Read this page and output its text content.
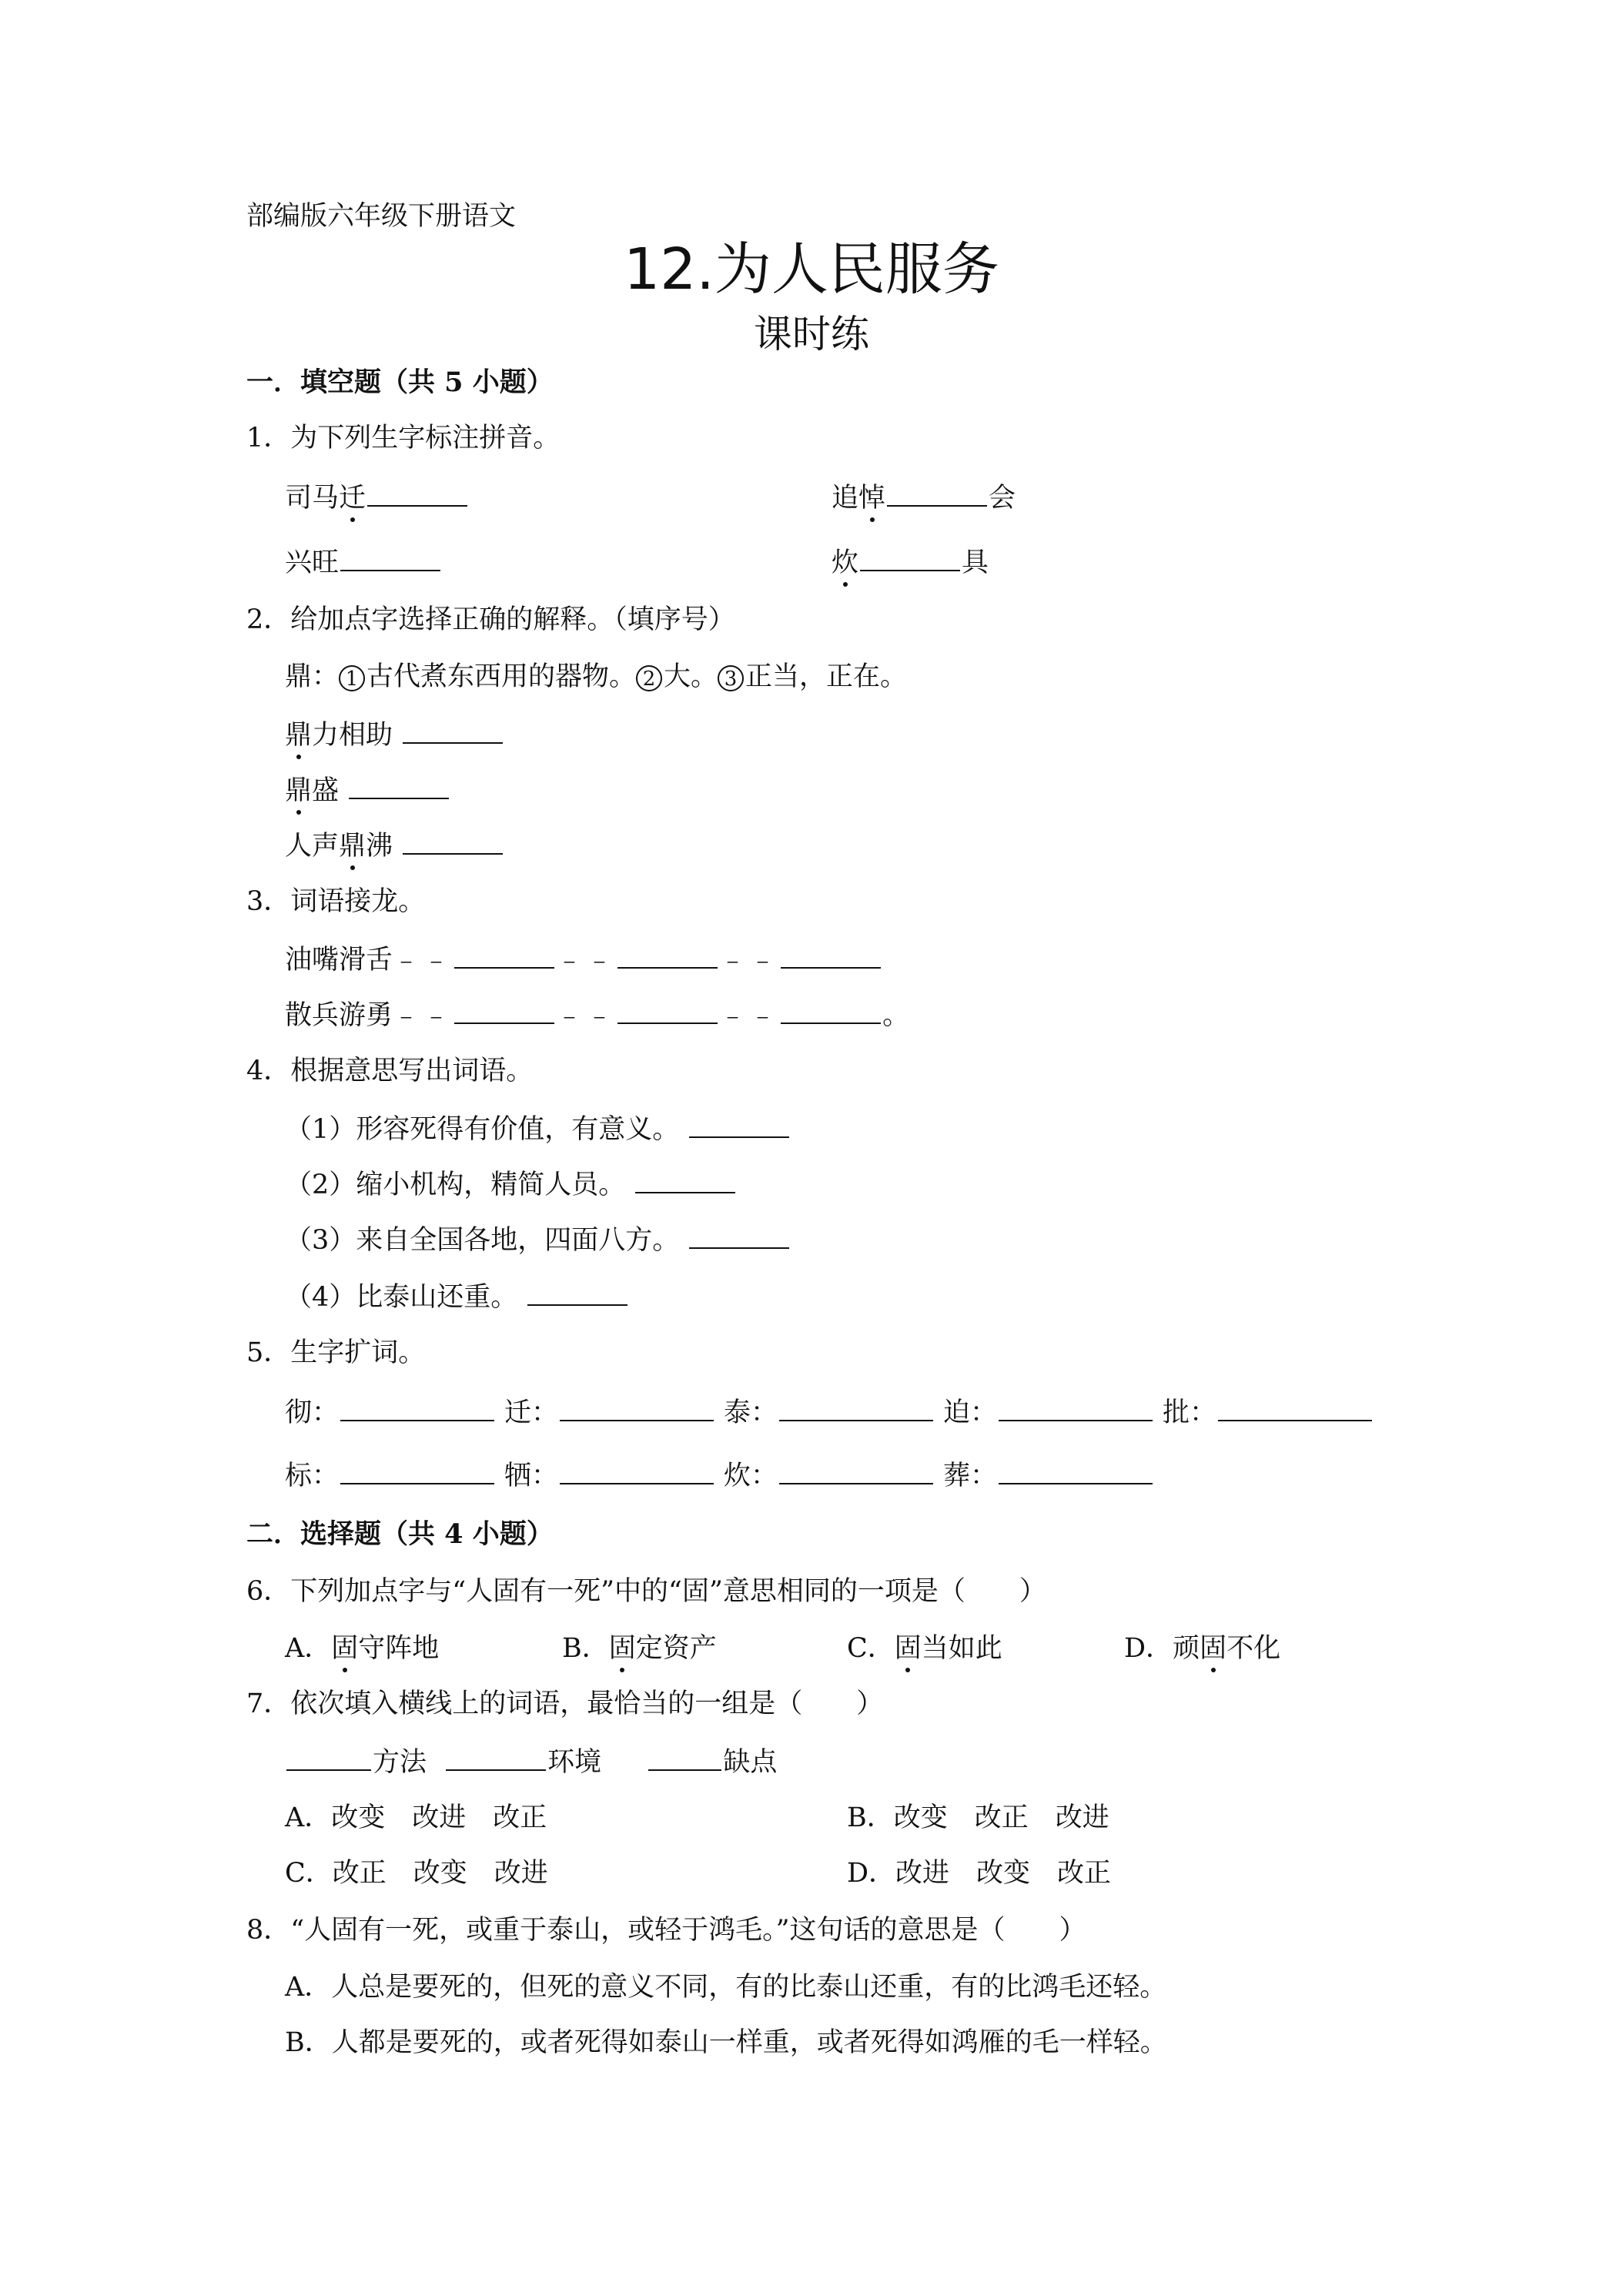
部编版六年级下册语文
12.为人民服务
课时练
一．填空题（共 5 小题）
1．为下列生字标注拼音。
司马迁	追悼	会
兴旺	炊	具
2．给加点字选择正确的解释。（填序号）
鼎： 1 古代煮东西用的器物。 2 大。 3 正当，正在。
鼎力相助
鼎盛
人声鼎沸
3．词语接龙。
油嘴滑舌﹣﹣	﹣﹣	﹣﹣
散兵游勇﹣﹣	﹣﹣	﹣﹣	。
4．根据意思写出词语。
（1）形容死得有价值，有意义。
（2）缩小机构，精简人员。
（3）来自全国各地，四面八方。
（4）比泰山还重。
5．生字扩词。
彻：	迁：	泰：	迫：	批：
标：	牺：	炊：	葬：
二．选择题（共 4 小题）
6．下列加点字与“人固有一死”中的“固”意思相同的一项是（　　）
A．固守阵地	B．固定资产	C．固当如此	D．顽固不化
7．依次填入横线上的词语，最恰当的一组是（　　）
方法	环境	缺点
A．改变　改进　改正	B．改变　改正　改进
C．改正　改变　改进	D．改进　改变　改正
8．“人固有一死，或重于泰山，或轻于鸿毛。”这句话的意思是（　　）
A．人总是要死的，但死的意义不同，有的比泰山还重，有的比鸿毛还轻。
B．人都是要死的，或者死得如泰山一样重，或者死得如鸿雁的毛一样轻。
